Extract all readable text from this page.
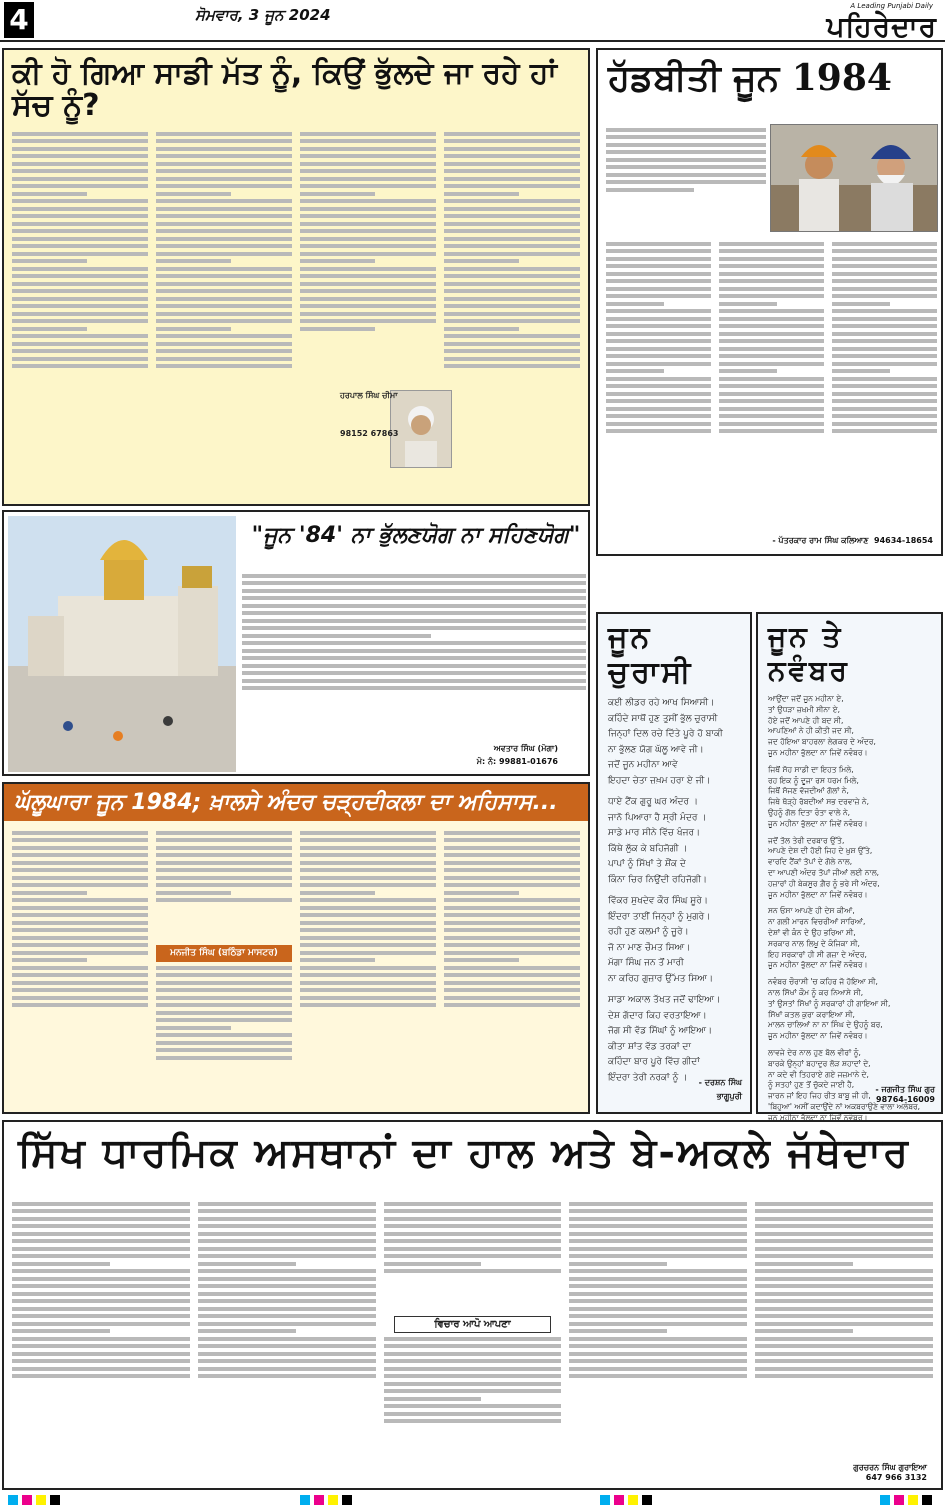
4	ਸੋਮਵਾਰ, 3 ਜੂਨ 2024	A Leading Punjabi Daily
ਪਹਿਰੇਦਾਰ
ਕੀ ਹੋ ਗਿਆ ਸਾਡੀ ਮੱਤ ਨੂੰ, ਕਿਉਂ ਭੁੱਲਦੇ ਜਾ ਰਹੇ ਹਾਂ ਸੱਚ ਨੂੰ?
ਹਰਪਾਲ ਸਿੰਘ ਚੀਮਾ
98152 67863
ਹੱਡਬੀਤੀ ਜੂਨ 1984
- ਪੱਤਰਕਾਰ ਰਾਮ ਸਿੰਘ ਕਲਿਆਣ 94634-18654
"ਜੂਨ '84' ਨਾ ਭੁੱਲਣਯੋਗ ਨਾ ਸਹਿਣਯੋਗ"
ਅਵਤਾਰ ਸਿੰਘ (ਮੋਗਾ)
ਮੋ: ਨੰ: 99881-01676
ਘੱਲੂਘਾਰਾ ਜੂਨ 1984; ਖ਼ਾਲਸੇ ਅੰਦਰ ਚੜ੍ਹਦੀਕਲਾ ਦਾ ਅਹਿਸਾਸ...
ਮਨਜੀਤ ਸਿੰਘ (ਬਠਿੰਡਾ ਮਾਸਟਰ)
ਜੂਨ ਚੁਰਾਸੀ
ਕਈ ਲੀਡਰ ਰਹੇ ਆਖ ਸਿਆਸੀ।
ਕਹਿੰਦੇ ਸਾਥੋਂ ਹੁਣ ਤੁਸੀਂ ਭੁੱਲ ਚੁਰਾਸੀ
ਜਿਨ੍ਹਾਂ ਦਿਲ ਰਚੇ ਦਿੱਤੇ ਪੂਰੇ ਹੋ ਬਾਕੀ
ਨਾ ਭੁੱਲਣ ਯੋਗ ਘੱਲੂ ਆਵੇ ਜੀ।
ਜਦੋਂ ਜੂਨ ਮਹੀਨਾ ਆਵੇ
ਇਹਦਾ ਚੇਤਾ ਜ਼ਖ਼ਮ ਹਰਾ ਏ ਜੀ।
ਧਾਏ ਟੈਂਕ ਗੁਰੂ ਘਰ ਅੰਦਰ ।
ਜਾਨੋ ਪਿਆਰਾ ਹੈ ਸ੍ਰੀ ਮੰਦਰ ।
ਸਾਡੇ ਮਾਰ ਸੀਨੇ ਵਿੱਚ ਖੰਜਰ।
ਕਿੱਥੇ ਲੁੱਕ ਕੇ ਬਹਿਜੋਗੀ ।
ਪਾਪਾਂ ਨੂੰ ਸਿੱਖਾਂ ਤੇ ਸ਼ੌਂਕ ਦੇ
ਕਿੰਨਾ ਚਿਰ ਨਿਉਂਦੀ ਰਹਿਜੋਗੀ।
ਵਿੱਕਰ ਸੁਖਦੇਵ ਕੌਰ ਸਿੰਘ ਸੂਰੇ।
ਇੰਦਰਾ ਤਾਈਂ ਜਿਨ੍ਹਾਂ ਨੂੰ ਮੁਗਰੇ।
ਰਹੀ ਹੁਣ ਕਲਮਾਂ ਨੂੰ ਜੂਰੇ।
ਜੋ ਨਾ ਮਾਣ ਚੌਮਤ ਸਿਆ।
ਮੱਗਾ ਸਿੰਘ ਜਨ ਤੋਂ ਮਾਰੀ
ਨਾ ਕਰਿਹ ਗੁਜ਼ਾਰ ਉੱਮਤ ਸਿਆ।
ਸਾਡਾ ਅਕਾਲ ਤੱਖਤ ਜਦੋਂ ਢਾਇਆ।
ਦੇਸ਼ ਗੱਦਾਰ ਕਿਹ ਵਰਤਾਇਆ।
ਜੋਗ ਸੀ ਵੱਡ ਸਿੱਘਾਂ ਨੂੰ ਆਇਆ।
ਕੀਤਾ ਸ਼ਾਂਤ ਵੱਡ ਤਰਕਾਂ ਦਾ
ਕਹਿੰਦਾ ਬਾਰ ਪੂਰੇ ਵਿੱਚ ਗੀਦਾਂ
ਇੰਦਰਾ ਤੇਰੀ ਨਰਕਾਂ ਨੂੰ ।	- ਦਰਸ਼ਨ ਸਿੰਘ
ਭਾਗੂਪੁਰੀ
ਜੂਨ ਤੇ ਨਵੰਬਰ
ਆਉਂਦਾ ਜਦੋਂ ਜੂਨ ਮਹੀਨਾ ਏ,
ਤਾਂ ਉਧੜਾ ਜ਼ਖ਼ਮੀ ਸੀਨਾ ਏ,
ਹੋਏ ਜਦੋਂ ਆਪਣੇ ਹੀ ਬਦ ਸੀ,
ਆਪਣਿਆਂ ਨੇ ਹੀ ਕੀਤੀ ਜਦ ਸੀ,
ਜਦ ਹੋਇਆ ਬਾਹਰਲਾ ਲੇਗਕਰ ਦੇ ਅੰਦਰ,
ਜੂਨ ਮਹੀਨਾ ਭੁੱਲਦਾ ਨਾ ਜਿਵੇਂ ਨਵੰਬਰ।
ਜਿਥੋਂ ਸੋਹ ਸਾਡੀ ਦਾ ਇਹਤ ਮਿਲੇ,
ਰਹ ਇਕ ਨੂੰ ਦੂਜਾ ਰਸ ਧਰਮ ਮਿਲੇ,
ਜਿਥੋਂ ਸੱਜਣ ਵੱਜਦੀਆਂ ਗੱਲਾਂ ਨੇ,
ਜਿਥੇ ਥੋੜ੍ਹੇ ਰੱਬਦੀਆਂ ਸਭ ਦਰਵਾਜ਼ੇ ਨੇ,
ਉਹਨੂੰ ਗੋਲ ਦਿਤਾ ਰੰਤਾ ਵਾਲੇ ਨੇ,
ਜੂਨ ਮਹੀਨਾ ਭੁੱਲਦਾ ਨਾ ਜਿਵੇਂ ਨਵੰਬਰ।
ਜਦੋਂ ਤੋਲ ਤੇਰੀ ਦਰਬਾਰ ਉੱਤੇ,
ਆਪਣੇ ਦੇਸ਼ ਦੀ ਹੋਈ ਜਿਹ ਦੇ ਖ਼ੁਸ਼ ਉੱਤੇ,
ਵਾਰਦਿ ਟੈਂਕਾਂ ਤੋਪਾਂ ਦੇ ਗੋਲੇ ਨਾਲ,
ਦਾ ਆਪਣੀ ਅੰਦਰ ਤੋਪਾਂ ਜੀਆਂ ਲਈ ਨਾਲ,
ਹਜ਼ਾਰਾਂ ਹੀ ਬੇਕਸੂਰ ਗ਼ੈਰ ਨੂੰ ਭਰੇ ਸੀ ਅੰਦਰ,
ਜੂਨ ਮਹੀਨਾ ਭੁੱਲਦਾ ਨਾ ਜਿਵੇਂ ਨਵੰਬਰ।
ਸਨ ਓਸਾ ਆਪਣੇ ਹੀ ਦੇਸ ਕੀਆਂ,
ਨਾ ਗਲੀ ਮਾਰਨ ਵਿਚਰੀਆਂ ਸਾਰਿਆਂ,
ਦੇਸ਼ਾਂ ਵੀ ਕੰਨ ਦੇ ਉਹ ਭਰਿਆ ਸੀ,
ਸਰਕਾਰ ਨਾਲ ਲਿਖੂ ਦੇ ਕੰਜਿਕਾ ਸੀ,
ਇਹ ਸਰਕਾਰਾਂ ਹੀ ਸੀ ਗਜ਼ਾ ਦੇ ਅੰਦਰ,
ਜੂਨ ਮਹੀਨਾ ਭੁੱਲਦਾ ਨਾ ਜਿਵੇਂ ਨਵੰਬਰ।
ਨਵੰਬਰ ਚੌਰਾਸੀ 'ਚ ਕਹਿਰ ਜੋ ਹੋਇਆ ਸੀ,
ਨਾਲ ਸਿੱਖਾਂ ਕੌਮ ਨੂੰ ਕਰ ਨਿਆਸੇ ਸੀ,
ਤਾਂ ਉਸਤਾਂ ਸਿੱਖਾਂ ਨੂੰ ਸਰਕਾਰਾਂ ਹੀ ਗਾਇਆ ਸੀ,
ਸਿੱਖਾਂ ਕਤਲ ਕੁਰਾ ਕਰਾਇਆ ਸੀ,
ਮਾਲਨ ਚਾਲਿਆਂ ਨਾ ਨਾ ਸਿੰਘ ਦੇ ਉਹਨੂੰ ਬਰ,
ਜੂਨ ਮਹੀਨਾ ਭੁੱਲਦਾ ਨਾ ਜਿਵੇਂ ਨਵੰਬਰ।
ਲਾਵਜੇ ਦੇਰ ਨਾਲ ਹੁਣ ਬੋਲ ਵੀਰਾਂ ਨੂੰ,
ਬਾਰਕੇ ਉਨ੍ਹਾਂ ਬਹਾਦੁਰ ਲੋੜ ਸ਼ਹਾਦਾਂ ਦੇ,
ਨਾ ਕਦੇ ਵੀ ਤਿਹਰਾਏ ਗਏ ਜਜ਼ਮਾਨੇ ਦੇ,
ਨੂੰ ਸਤਹਾਂ ਹੁਣ ਤੋਂ ਚੁੱਕਦੇ ਜਾਈ ਹੈ,
ਜਾਰਨ ਜਾਂ ਇਹ ਜਿਹ ਰੀਤ ਬਾਬੂ ਜੀ ਹੀ,
'ਬਿਹੁਆ' ਅਸੀਂ ਕਦਾਉਂਦੇ ਨਾਂ ਅਕਬਰਾਉਣੇ ਵਾਲਾ ਅਲੰਬਰ,
ਜੂਨ ਮਹੀਨਾ ਭੁੱਲਦਾ ਨਾ ਜਿਵੇਂ ਨਵੰਬਰ।
- ਜਗਜੀਤ ਸਿੰਘ ਗੁਰ
98764-16009
ਸਿੱਖ ਧਾਰਮਿਕ ਅਸਥਾਨਾਂ ਦਾ ਹਾਲ ਅਤੇ ਬੇ-ਅਕਲੇ ਜੱਥੇਦਾਰ
ਵਿਚਾਰ ਆਪੋ ਆਪਣਾ
ਗੁਰਚਰਨ ਸਿੰਘ ਗੁਰਾਇਆ
647 966 3132
